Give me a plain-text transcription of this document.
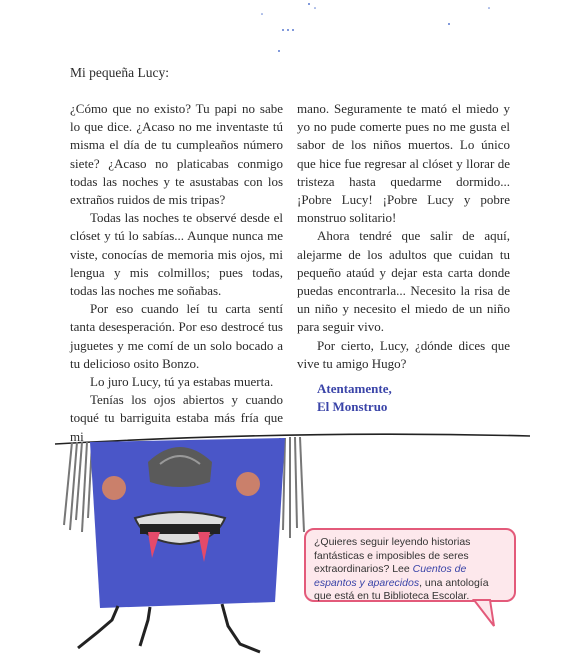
Mi pequeña Lucy:

¿Cómo que no existo? Tu papi no sabe lo que dice. ¿Acaso no me inventaste tú misma el día de tu cumpleaños número siete? ¿Acaso no platicabas conmigo todas las noches y te asustabas con los extraños ruidos de mis tripas?

Todas las noches te observé desde el clóset y tú lo sabías... Aunque nunca me viste, conocías de memoria mis ojos, mi lengua y mis colmillos; pues todas, todas las noches me soñabas.

Por eso cuando leí tu carta sentí tanta desesperación. Por eso destrocé tus juguetes y me comí de un solo bocado a tu delicioso osito Bonzo.

Lo juro Lucy, tú ya estabas muerta.

Tenías los ojos abiertos y cuando toqué tu barriguita estaba más fría que mi

mano. Seguramente te mató el miedo y yo no pude comerte pues no me gusta el sabor de los niños muertos. Lo único que hice fue regresar al clóset y llorar de tristeza hasta quedarme dormido... ¡Pobre Lucy! ¡Pobre Lucy y pobre monstruo solitario!

Ahora tendré que salir de aquí, alejarme de los adultos que cuidan tu pequeño ataúd y dejar esta carta donde puedas encontrarla... Necesito la risa de un niño y necesito el miedo de un niño para seguir vivo.

Por cierto, Lucy, ¿dónde dices que vive tu amigo Hugo?

Atentamente,
El Monstruo
¿Quieres seguir leyendo historias fantásticas e imposibles de seres extraordinarios? Lee Cuentos de espantos y aparecidos, una antología que está en tu Biblioteca Escolar.
